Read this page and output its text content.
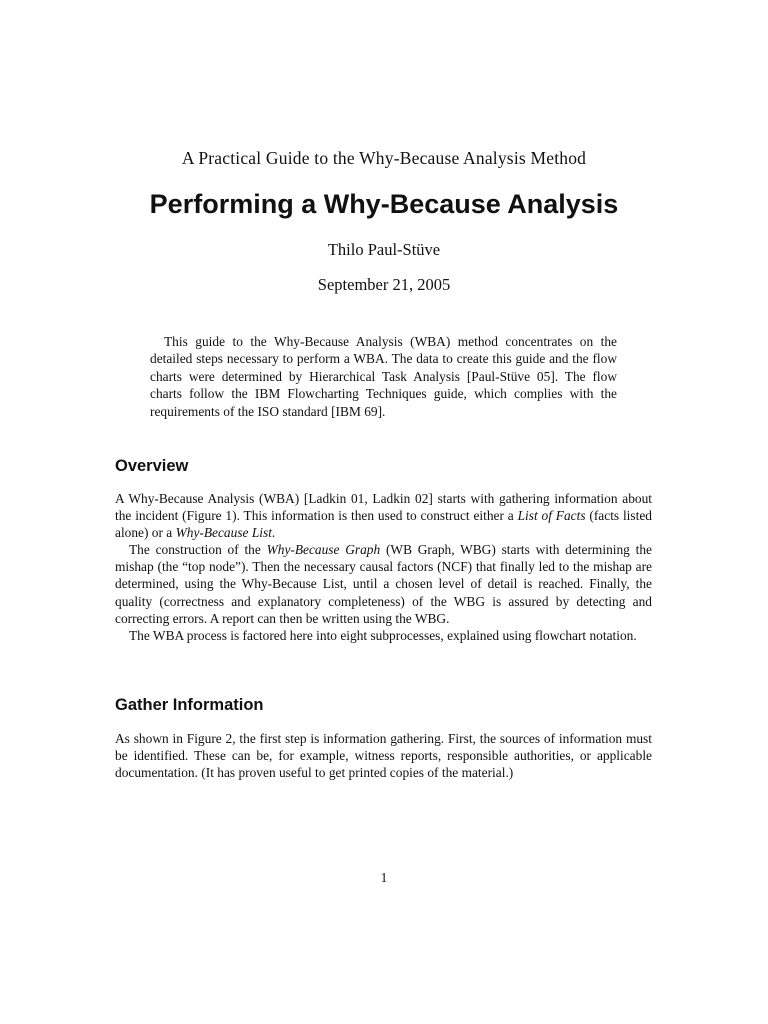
A Practical Guide to the Why-Because Analysis Method
Performing a Why-Because Analysis
Thilo Paul-Stüve
September 21, 2005

This guide to the Why-Because Analysis (WBA) method concentrates on the detailed steps necessary to perform a WBA. The data to create this guide and the flow charts were determined by Hierarchical Task Analysis [Paul-Stüve 05]. The flow charts follow the IBM Flowcharting Techniques guide, which complies with the requirements of the ISO standard [IBM 69].

Overview

A Why-Because Analysis (WBA) [Ladkin 01, Ladkin 02] starts with gathering information about the incident (Figure 1). This information is then used to construct either a List of Facts (facts listed alone) or a Why-Because List.

The construction of the Why-Because Graph (WB Graph, WBG) starts with determining the mishap (the “top node”). Then the necessary causal factors (NCF) that finally led to the mishap are determined, using the Why-Because List, until a chosen level of detail is reached. Finally, the quality (correctness and explanatory completeness) of the WBG is assured by detecting and correcting errors. A report can then be written using the WBG.

The WBA process is factored here into eight subprocesses, explained using flowchart notation.

Gather Information

As shown in Figure 2, the first step is information gathering. First, the sources of information must be identified. These can be, for example, witness reports, responsible authorities, or applicable documentation. (It has proven useful to get printed copies of the material.)

1
